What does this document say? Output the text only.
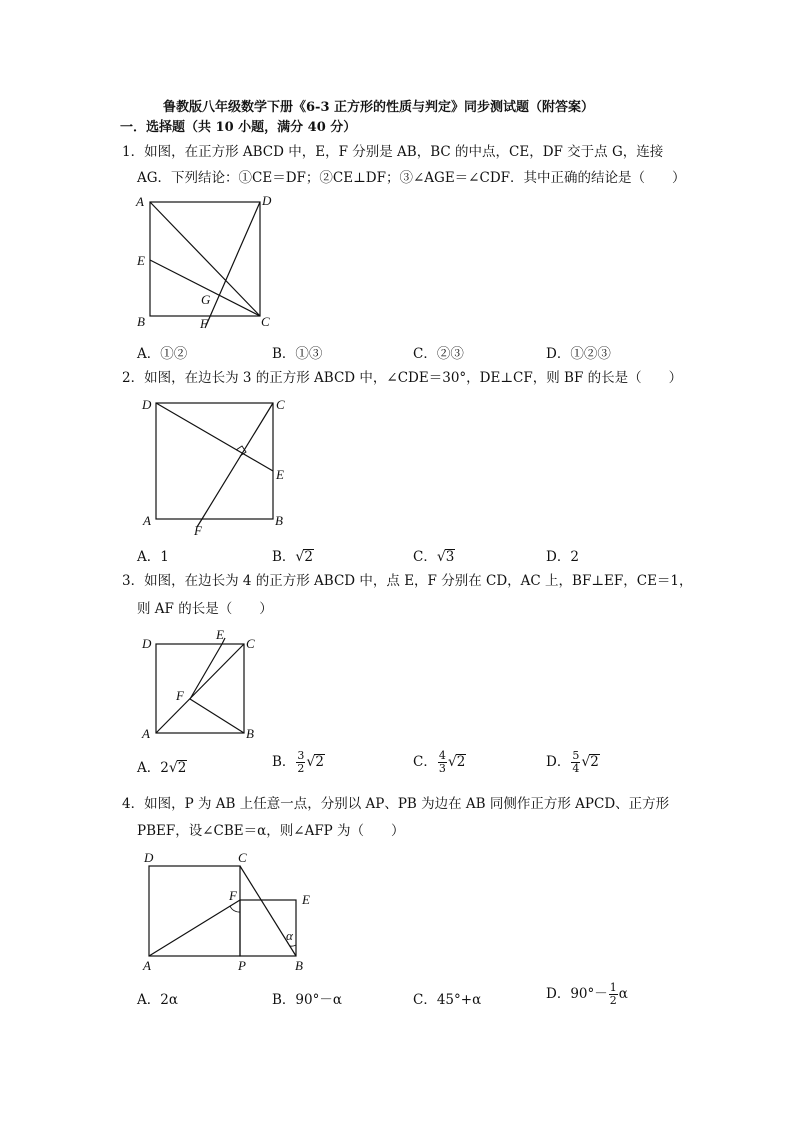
鲁教版八年级数学下册《6-3 正方形的性质与判定》同步测试题（附答案）
一．选择题（共 10 小题，满分 40 分）
1．如图，在正方形 ABCD 中，E，F 分别是 AB，BC 的中点，CE，DF 交于点 G，连接
AG．下列结论：①CE＝DF；②CE⊥DF；③∠AGE＝∠CDF．其中正确的结论是（　　）
A	D
E
G
B	F	C
A．①②	B．①③	C．②③	D．①②③
2．如图，在边长为 3 的正方形 ABCD 中，∠CDE＝30°，DE⊥CF，则 BF 的长是（　　）
D	C
E
A	B
F
A．1	B．√2	C．√3	D．2
3．如图，在边长为 4 的正方形 ABCD 中，点 E，F 分别在 CD，AC 上，BF⊥EF，CE＝1，
则 AF 的长是（　　）
D
E
C
F
A	B
A．2√2	B． $\frac{3}{2} √2$	C． $\frac{4}{3} √2$	D． $\frac{5}{4} √2$
4．如图，P 为 AB 上任意一点，分别以 AP、PB 为边在 AB 同侧作正方形 APCD、正方形
PBEF，设∠CBE＝α，则∠AFP 为（　　）
D	C
F	E
α
A	P	B
A．2α	B．90°－α	C．45°+α	D．$90^\circ- \frac{1}{2}$ α
